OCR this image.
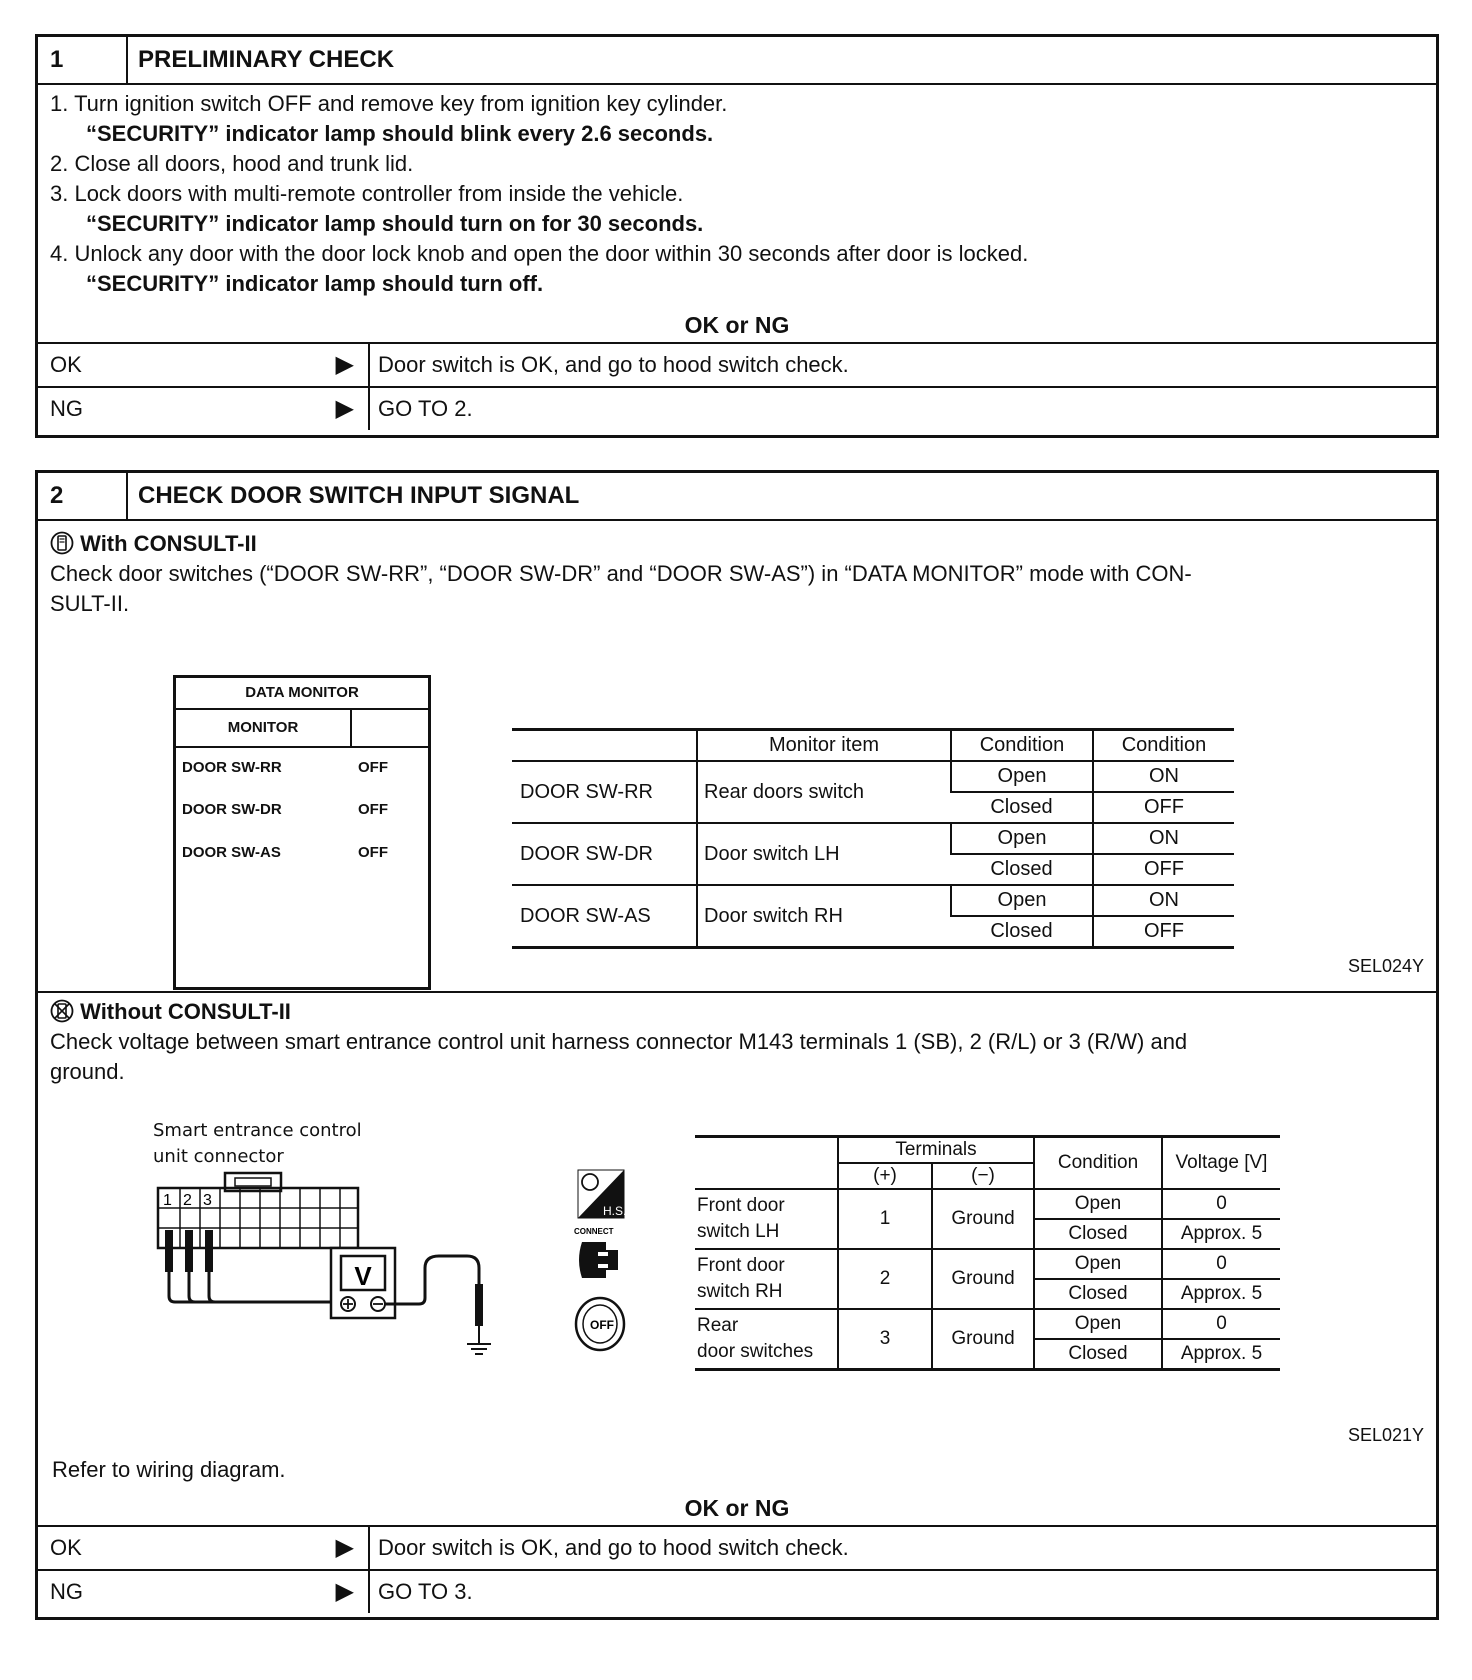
1	PRELIMINARY CHECK
1. Turn ignition switch OFF and remove key from ignition key cylinder.
“SECURITY” indicator lamp should blink every 2.6 seconds.
2. Close all doors, hood and trunk lid.
3. Lock doors with multi-remote controller from inside the vehicle.
“SECURITY” indicator lamp should turn on for 30 seconds.
4. Unlock any door with the door lock knob and open the door within 30 seconds after door is locked.
“SECURITY” indicator lamp should turn off.
OK or NG
OK	▶	Door switch is OK, and go to hood switch check.
NG	▶	GO TO 2.
2	CHECK DOOR SWITCH INPUT SIGNAL
With CONSULT-II
Check door switches (“DOOR SW-RR”, “DOOR SW-DR” and “DOOR SW-AS”) in “DATA MONITOR” mode with CON-
SULT-II.
DATA MONITOR
MONITOR
DOOR SW-RR	OFF
DOOR SW-DR	OFF
DOOR SW-AS	OFF
	Monitor item	Condition	Condition
DOOR SW-RR	Rear doors switch	Open	ON
		Closed	OFF
DOOR SW-DR	Door switch LH	Open	ON
		Closed	OFF
DOOR SW-AS	Door switch RH	Open	ON
		Closed	OFF
SEL024Y
Without CONSULT-II
Check voltage between smart entrance control unit harness connector M143 terminals 1 (SB), 2 (R/L) or 3 (R/W) and
ground.
Smart entrance control
unit connector
1 2 3
V
H.S.
CONNECT
OFF
	Terminals		Condition	Voltage [V]
	(+)	(−)		
Front door
switch LH	1	Ground	Open	0
			Closed	Approx. 5
Front door
switch RH	2	Ground	Open	0
			Closed	Approx. 5
Rear
door switches	3	Ground	Open	0
			Closed	Approx. 5
SEL021Y
Refer to wiring diagram.
OK or NG
OK	▶	Door switch is OK, and go to hood switch check.
NG	▶	GO TO 3.
